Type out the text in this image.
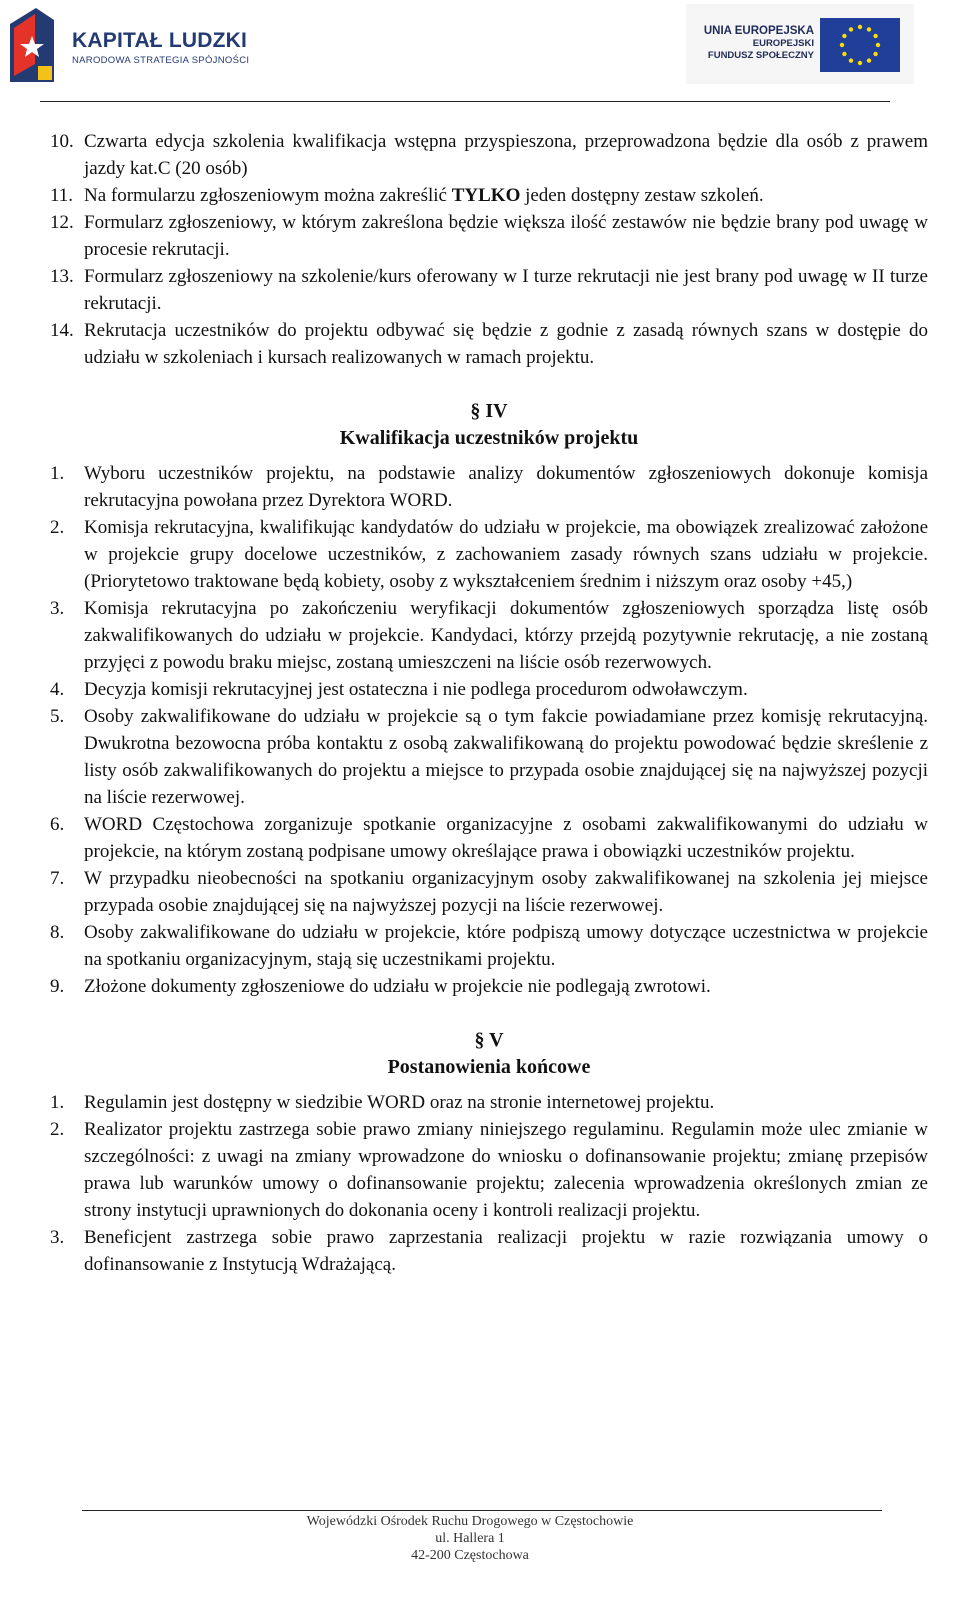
KAPITAŁ LUDZKI
NARODOWA STRATEGIA SPÓJNOŚCI
UNIA EUROPEJSKA
EUROPEJSKI
FUNDUSZ SPOŁECZNY
10. Czwarta edycja szkolenia kwalifikacja wstępna przyspieszona, przeprowadzona będzie dla osób z prawem jazdy kat.C (20 osób)
11. Na formularzu zgłoszeniowym można zakreślić TYLKO jeden dostępny zestaw szkoleń.
12. Formularz zgłoszeniowy, w którym zakreślona będzie większa ilość zestawów nie będzie brany pod uwagę w procesie rekrutacji.
13. Formularz zgłoszeniowy na szkolenie/kurs oferowany w I turze rekrutacji nie jest brany pod uwagę w II turze rekrutacji.
14. Rekrutacja uczestników do projektu odbywać się będzie z godnie z zasadą równych szans w dostępie do udziału w szkoleniach i kursach realizowanych w ramach projektu.
§ IV
Kwalifikacja uczestników projektu
1.	Wyboru uczestników projektu, na podstawie analizy dokumentów zgłoszeniowych dokonuje komisja rekrutacyjna powołana przez Dyrektora WORD.
2.	Komisja rekrutacyjna, kwalifikując kandydatów do udziału w projekcie, ma obowiązek zrealizować założone w projekcie grupy docelowe uczestników, z zachowaniem zasady równych szans udziału w projekcie. (Priorytetowo traktowane będą kobiety, osoby z wykształceniem średnim i niższym oraz osoby +45,)
3.	Komisja rekrutacyjna po zakończeniu weryfikacji dokumentów zgłoszeniowych sporządza listę osób zakwalifikowanych do udziału w projekcie. Kandydaci, którzy przejdą pozytywnie rekrutację, a nie zostaną przyjęci z powodu braku miejsc, zostaną umieszczeni na liście osób rezerwowych.
4.	Decyzja komisji rekrutacyjnej jest ostateczna i nie podlega procedurom odwoławczym.
5.	Osoby zakwalifikowane do udziału w projekcie są o tym fakcie powiadamiane przez komisję rekrutacyjną. Dwukrotna bezowocna próba kontaktu z osobą zakwalifikowaną do projektu powodować będzie skreślenie z listy osób zakwalifikowanych do projektu a miejsce to przypada osobie znajdującej się na najwyższej pozycji na liście rezerwowej.
6.	WORD Częstochowa zorganizuje spotkanie organizacyjne z osobami zakwalifikowanymi do udziału w projekcie, na którym zostaną podpisane umowy określające prawa i obowiązki uczestników projektu.
7.	W przypadku nieobecności na spotkaniu organizacyjnym osoby zakwalifikowanej na szkolenia jej miejsce przypada osobie znajdującej się na najwyższej pozycji na liście rezerwowej.
8.	Osoby zakwalifikowane do udziału w projekcie, które podpiszą umowy dotyczące uczestnictwa w projekcie na spotkaniu organizacyjnym, stają się uczestnikami projektu.
9.	Złożone dokumenty zgłoszeniowe do udziału w projekcie nie podlegają zwrotowi.
§ V
Postanowienia końcowe
1.	Regulamin jest dostępny w siedzibie WORD oraz na stronie internetowej projektu.
2.	Realizator projektu zastrzega sobie prawo zmiany niniejszego regulaminu. Regulamin może ulec zmianie w szczególności: z uwagi na zmiany wprowadzone do wniosku o dofinansowanie projektu; zmianę przepisów prawa lub warunków umowy o dofinansowanie projektu; zalecenia wprowadzenia określonych zmian ze strony instytucji uprawnionych do dokonania oceny i kontroli realizacji projektu.
3.	Beneficjent zastrzega sobie prawo zaprzestania realizacji projektu w razie rozwiązania umowy o dofinansowanie z Instytucją Wdrażającą.
Wojewódzki Ośrodek Ruchu Drogowego w Częstochowie
ul. Hallera 1
42-200 Częstochowa
